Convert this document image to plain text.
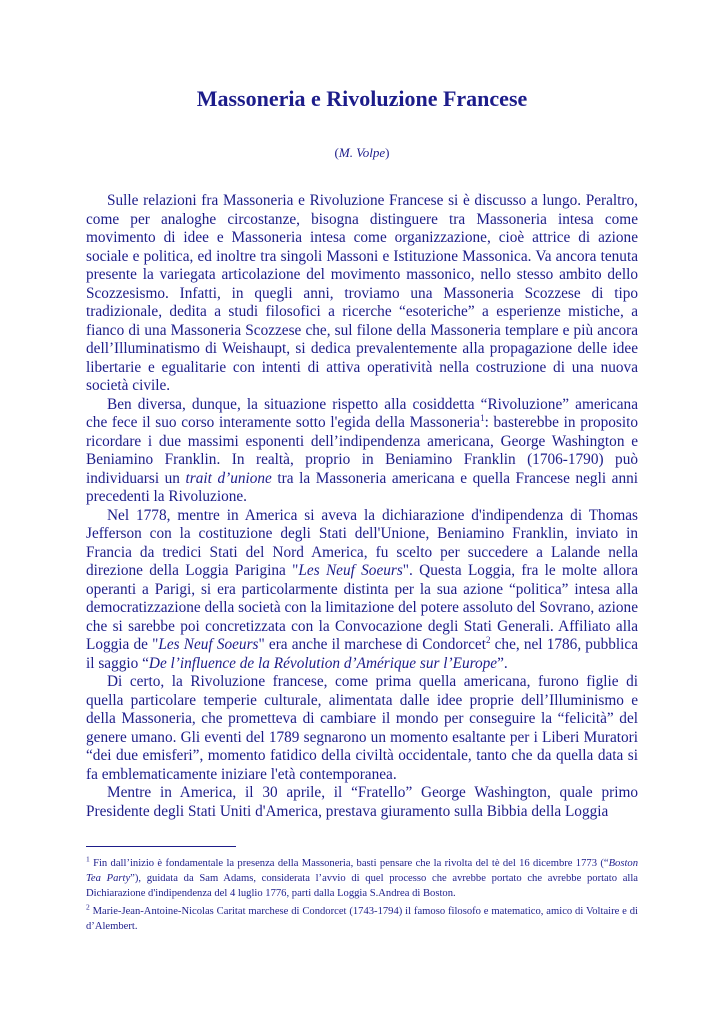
Massoneria e Rivoluzione Francese
(M. Volpe)

Sulle relazioni fra Massoneria e Rivoluzione Francese si è discusso a lungo. Peraltro, come per analoghe circostanze, bisogna distinguere tra Massoneria intesa come movimento di idee e Massoneria intesa come organizzazione, cioè attrice di azione sociale e politica, ed inoltre tra singoli Massoni e Istituzione Massonica. Va ancora tenuta presente la variegata articolazione del movimento massonico, nello stesso ambito dello Scozzesismo. Infatti, in quegli anni, troviamo una Massoneria Scozzese di tipo tradizionale, dedita a studi filosofici a ricerche “esoteriche” a esperienze mistiche, a fianco di una Massoneria Scozzese che, sul filone della Massoneria templare e più ancora dell’Illuminatismo di Weishaupt, si dedica prevalentemente alla propagazione delle idee libertarie e egualitarie con intenti di attiva operatività nella costruzione di una nuova società civile.

Ben diversa, dunque, la situazione rispetto alla cosiddetta “Rivoluzione” americana che fece il suo corso interamente sotto l'egida della Massoneria$^1$: basterebbe in proposito ricordare i due massimi esponenti dell’indipendenza americana, George Washington e Beniamino Franklin. In realtà, proprio in Beniamino Franklin (1706-1790) può individuarsi un trait d’unione tra la Massoneria americana e quella Francese negli anni precedenti la Rivoluzione.

Nel 1778, mentre in America si aveva la dichiarazione d'indipendenza di Thomas Jefferson con la costituzione degli Stati dell'Unione, Beniamino Franklin, inviato in Francia da tredici Stati del Nord America, fu scelto per succedere a Lalande nella direzione della Loggia Parigina "Les Neuf Soeurs". Questa Loggia, fra le molte allora operanti a Parigi, si era particolarmente distinta per la sua azione “politica” intesa alla democratizzazione della società con la limitazione del potere assoluto del Sovrano, azione che si sarebbe poi concretizzata con la Convocazione degli Stati Generali. Affiliato alla Loggia de "Les Neuf Soeurs" era anche il marchese di Condorcet$^2$ che, nel 1786, pubblica il saggio “De l’influence de la Révolution d’Amérique sur l’Europe”.

Di certo, la Rivoluzione francese, come prima quella americana, furono figlie di quella particolare temperie culturale, alimentata dalle idee proprie dell’Illuminismo e della Massoneria, che prometteva di cambiare il mondo per conseguire la “felicità” del genere umano. Gli eventi del 1789 segnarono un momento esaltante per i Liberi Muratori “dei due emisferi”, momento fatidico della civiltà occidentale, tanto che da quella data si fa emblematicamente iniziare l'età contemporanea.

Mentre in America, il 30 aprile, il “Fratello” George Washington, quale primo Presidente degli Stati Uniti d'America, prestava giuramento sulla Bibbia della Loggia

$^1$ Fin dall’inizio è fondamentale la presenza della Massoneria, basti pensare che la rivolta del tè del 16 dicembre 1773 (“Boston Tea Party”), guidata da Sam Adams, considerata l’avvio di quel processo che avrebbe portato che avrebbe portato alla Dichiarazione d'indipendenza del 4 luglio 1776, parti dalla Loggia S.Andrea di Boston.

$^2$ Marie-Jean-Antoine-Nicolas Caritat marchese di Condorcet (1743-1794) il famoso filosofo e matematico, amico di Voltaire e di d’Alembert.
